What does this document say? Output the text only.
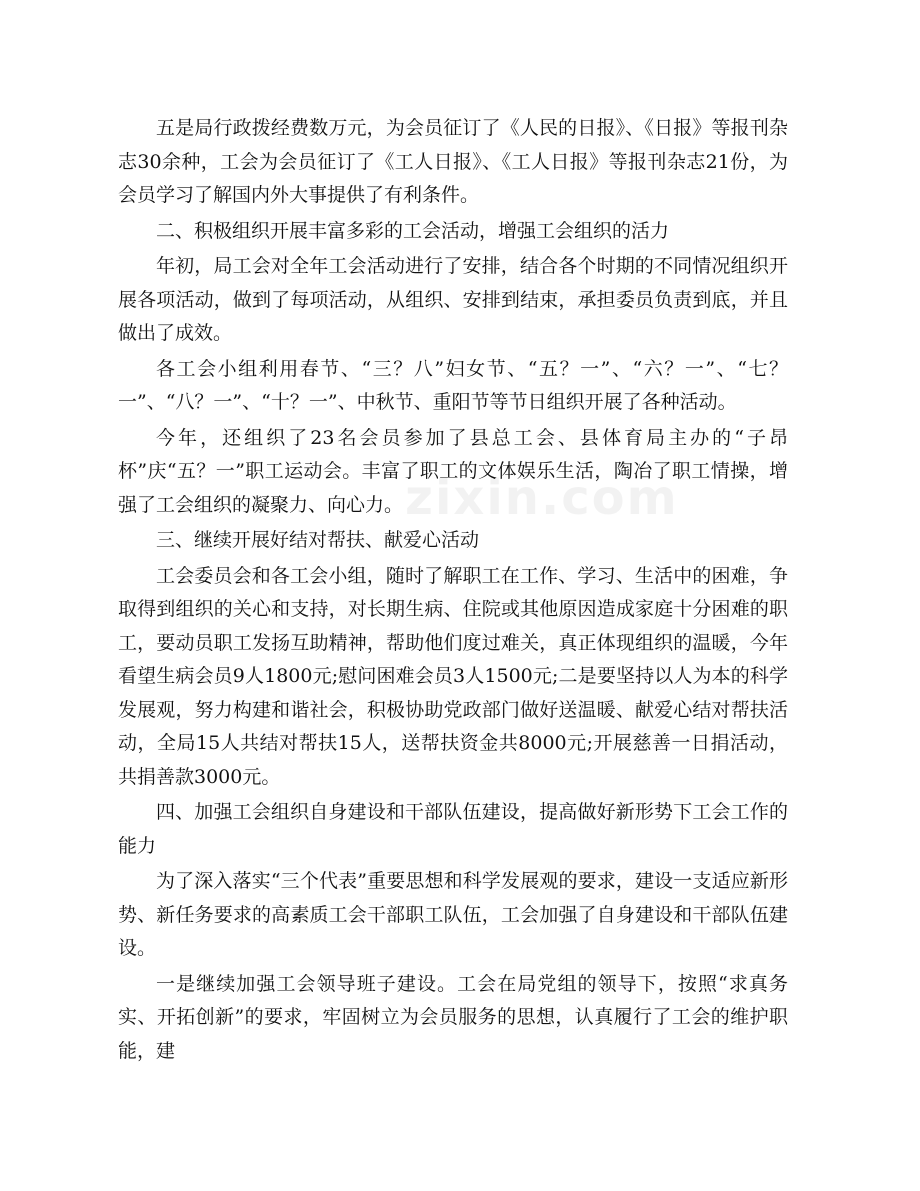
五是局行政拨经费数万元，为会员征订了《人民的日报》、《日报》等报刊杂志30余种，工会为会员征订了《工人日报》、《工人日报》等报刊杂志21份，为会员学习了解国内外大事提供了有利条件。

二、积极组织开展丰富多彩的工会活动，增强工会组织的活力

年初，局工会对全年工会活动进行了安排，结合各个时期的不同情况组织开展各项活动，做到了每项活动，从组织、安排到结束，承担委员负责到底，并且做出了成效。

各工会小组利用春节、“三？八”妇女节、“五？一”、“六？一”、“七？一”、“八？一”、“十？一”、中秋节、重阳节等节日组织开展了各种活动。

今年，还组织了23名会员参加了县总工会、县体育局主办的“子昂杯”庆“五？一”职工运动会。丰富了职工的文体娱乐生活，陶冶了职工情操，增强了工会组织的凝聚力、向心力。

三、继续开展好结对帮扶、献爱心活动

工会委员会和各工会小组，随时了解职工在工作、学习、生活中的困难，争取得到组织的关心和支持，对长期生病、住院或其他原因造成家庭十分困难的职工，要动员职工发扬互助精神，帮助他们度过难关，真正体现组织的温暖，今年看望生病会员9人1800元;慰问困难会员3人1500元;二是要坚持以人为本的科学发展观，努力构建和谐社会，积极协助党政部门做好送温暖、献爱心结对帮扶活动，全局15人共结对帮扶15人，送帮扶资金共8000元;开展慈善一日捐活动，共捐善款3000元。

四、加强工会组织自身建设和干部队伍建设，提高做好新形势下工会工作的能力

为了深入落实“三个代表”重要思想和科学发展观的要求，建设一支适应新形势、新任务要求的高素质工会干部职工队伍，工会加强了自身建设和干部队伍建设。

一是继续加强工会领导班子建设。工会在局党组的领导下，按照“求真务实、开拓创新”的要求，牢固树立为会员服务的思想，认真履行了工会的维护职能，建

zixin.com
